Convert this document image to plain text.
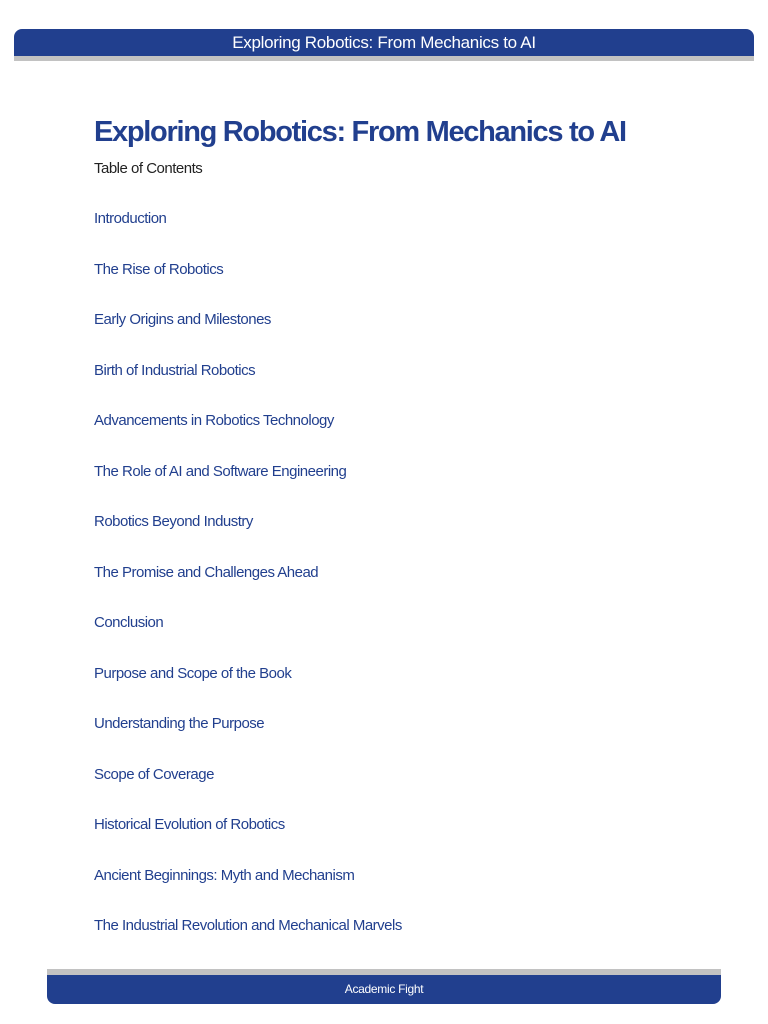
Exploring Robotics: From Mechanics to AI
Exploring Robotics: From Mechanics to AI
Table of Contents
Introduction
The Rise of Robotics
Early Origins and Milestones
Birth of Industrial Robotics
Advancements in Robotics Technology
The Role of AI and Software Engineering
Robotics Beyond Industry
The Promise and Challenges Ahead
Conclusion
Purpose and Scope of the Book
Understanding the Purpose
Scope of Coverage
Historical Evolution of Robotics
Ancient Beginnings: Myth and Mechanism
The Industrial Revolution and Mechanical Marvels
Academic Fight
